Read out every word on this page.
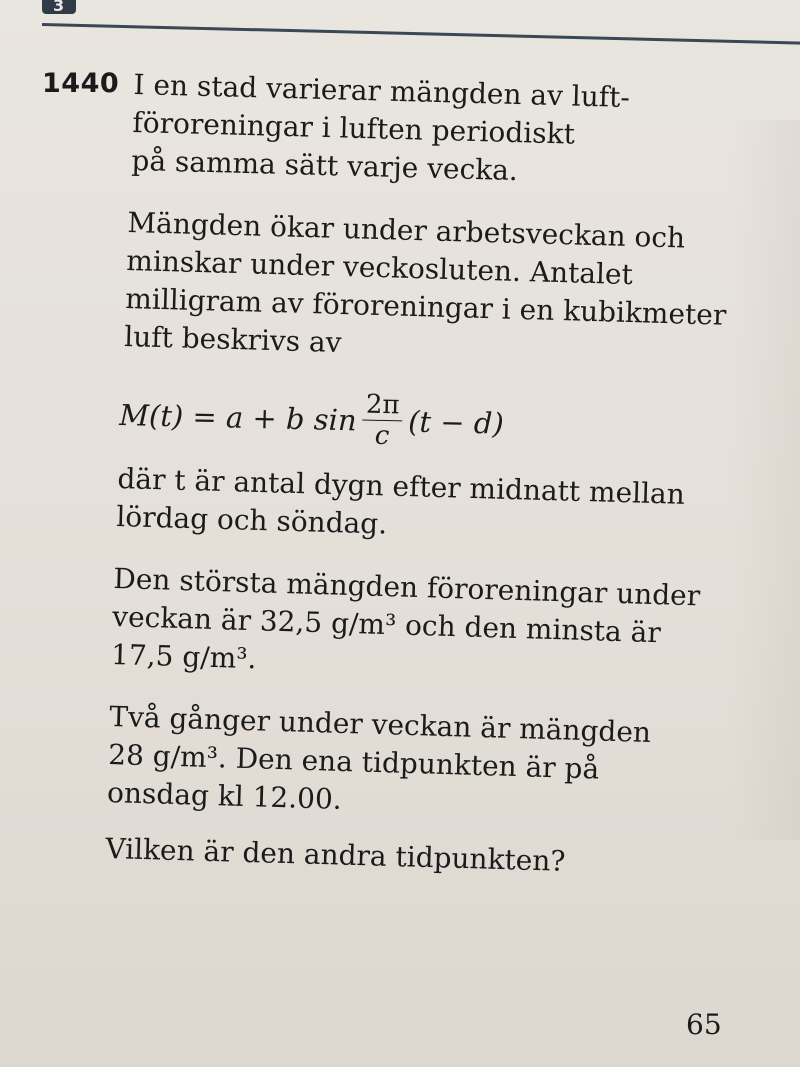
3
1440 I en stad varierar mängden av luft-
föroreningar i luften periodiskt
på samma sätt varje vecka.
Mängden ökar under arbetsveckan och
minskar under veckosluten. Antalet
milligram av föroreningar i en kubikmeter
luft beskrivs av
M(t) = a + b $\sin \frac{2\pi}{c} (t - d)$
där t är antal dygn efter midnatt mellan
lördag och söndag.
Den största mängden föroreningar under
veckan är 32,5 g/m³ och den minsta är
17,5 g/m³.
Två gånger under veckan är mängden
28 g/m³. Den ena tidpunkten är på
onsdag kl 12.00.
Vilken är den andra tidpunkten?
65
